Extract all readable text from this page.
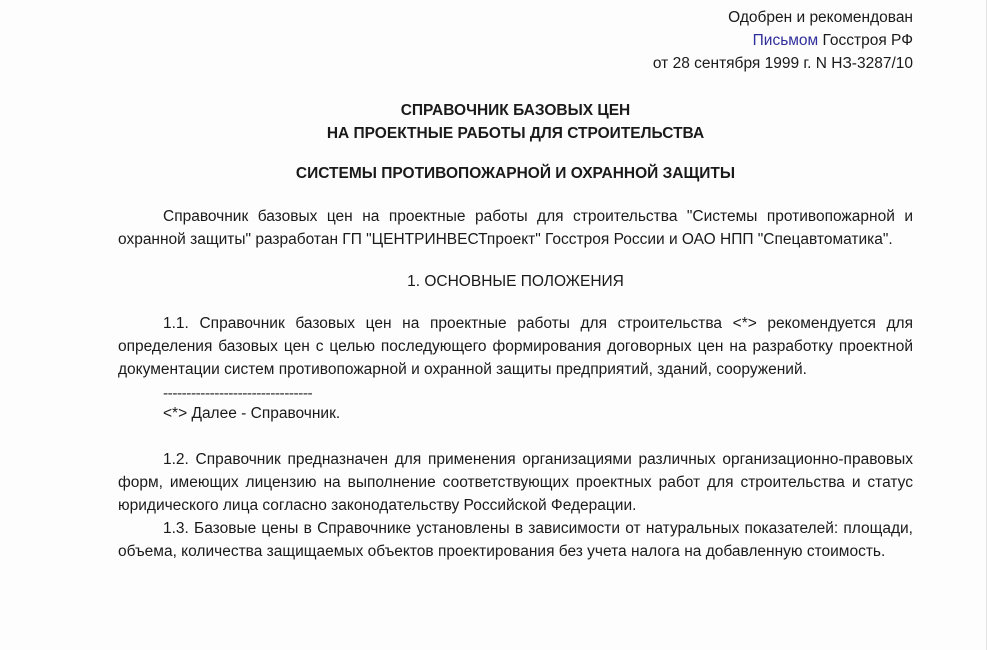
Одобрен и рекомендован
Письмом Госстроя РФ
от 28 сентября 1999 г. N НЗ-3287/10
СПРАВОЧНИК БАЗОВЫХ ЦЕН
НА ПРОЕКТНЫЕ РАБОТЫ ДЛЯ СТРОИТЕЛЬСТВА
СИСТЕМЫ ПРОТИВОПОЖАРНОЙ И ОХРАННОЙ ЗАЩИТЫ

Справочник базовых цен на проектные работы для строительства "Системы противопожарной и охранной защиты" разработан ГП "ЦЕНТРИНВЕСТпроект" Госстроя России и ОАО НПП "Спецавтоматика".

1. ОСНОВНЫЕ ПОЛОЖЕНИЯ

1.1. Справочник базовых цен на проектные работы для строительства <*> рекомендуется для определения базовых цен с целью последующего формирования договорных цен на разработку проектной документации систем противопожарной и охранной защиты предприятий, зданий, сооружений.

--------------------------------
<*> Далее - Справочник.

1.2. Справочник предназначен для применения организациями различных организационно-правовых форм, имеющих лицензию на выполнение соответствующих проектных работ для строительства и статус юридического лица согласно законодательству Российской Федерации.

1.3. Базовые цены в Справочнике установлены в зависимости от натуральных показателей: площади, объема, количества защищаемых объектов проектирования без учета налога на добавленную стоимость.
